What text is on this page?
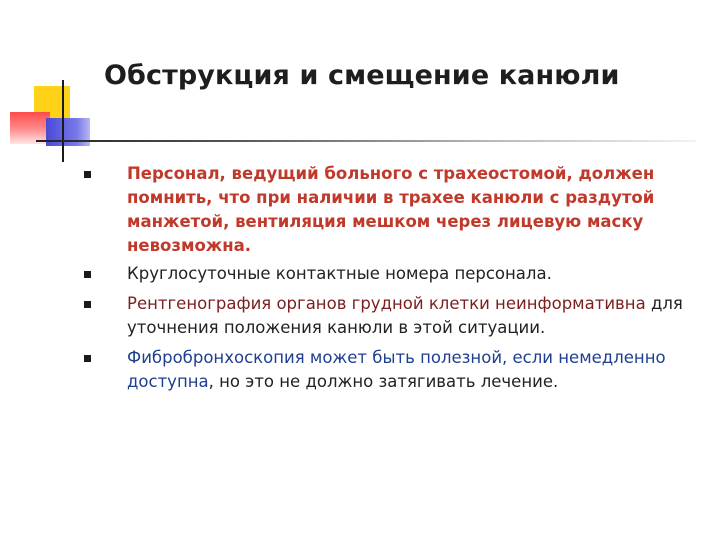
Обструкция и смещение канюли
Персонал, ведущий больного с трахеостомой, должен помнить, что при наличии в трахее канюли с раздутой манжетой, вентиляция мешком через лицевую маску невозможна.
Круглосуточные контактные номера персонала.
Рентгенография органов грудной клетки неинформативна для уточнения положения канюли в этой ситуации.
Фибробронхоскопия может быть полезной, если немедленно доступна, но это не должно затягивать лечение.
